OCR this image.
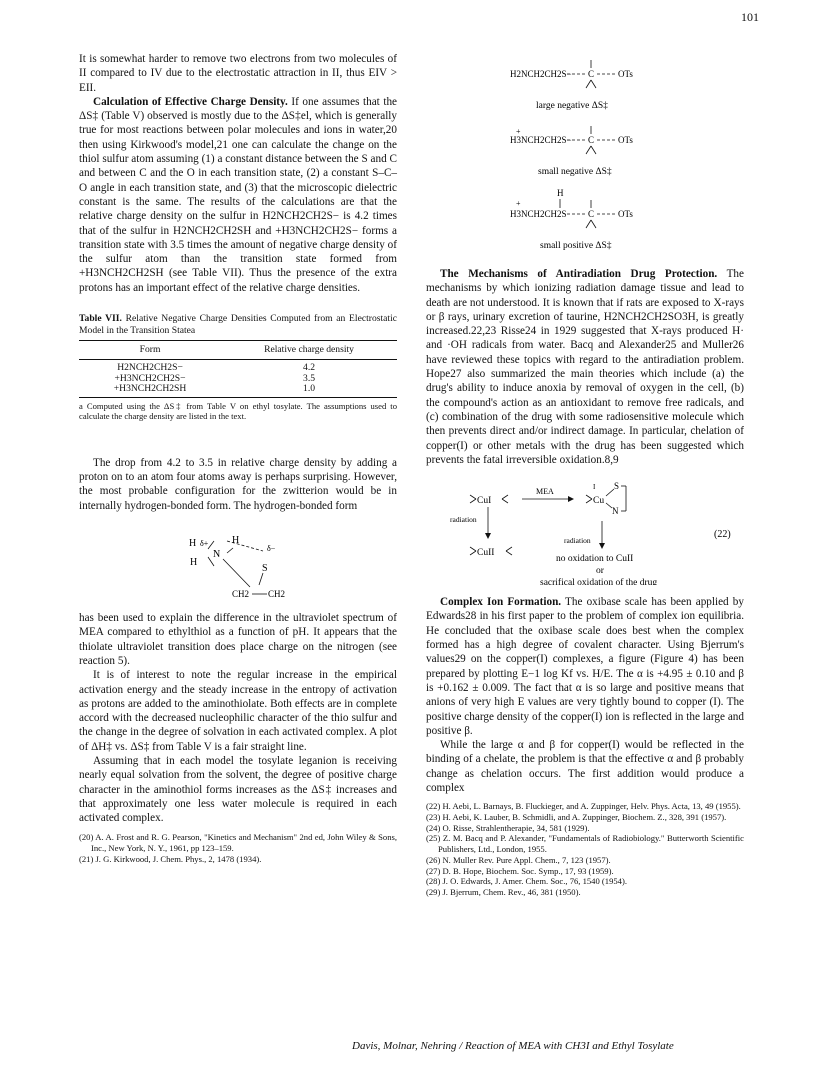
101

It is somewhat harder to remove two electrons from two molecules of II compared to IV due to the electrostatic attraction in II, thus EIV > EII.

Calculation of Effective Charge Density. If one assumes that the ΔS‡ (Table V) observed is mostly due to the ΔS‡el, which is generally true for most reactions between polar molecules and ions in water,20 then using Kirkwood's model,21 one can calculate the change on the thiol sulfur atom assuming (1) a constant distance between the S and C and between C and the O in each transition state, (2) a constant S–C–O angle in each transition state, and (3) that the microscopic dielectric constant is the same. The results of the calculations are that the relative charge density on the sulfur in H2NCH2CH2S− is 4.2 times that of the sulfur in H2NCH2CH2SH and +H3NCH2CH2S− forms a transition state with 3.5 times the amount of negative charge density of the sulfur atom than the transition state formed from +H3NCH2CH2SH (see Table VII). Thus the presence of the extra protons has an important effect of the relative charge densities.

Table VII. Relative Negative Charge Densities Computed from an Electrostatic Model in the Transition Statea
Form	Relative charge density
H2NCH2CH2S−	4.2
+H3NCH2CH2S−	3.5
+H3NCH2CH2SH	1.0

a Computed using the ΔS‡ from Table V on ethyl tosylate. The assumptions used to calculate the charge density are listed in the text.

The drop from 4.2 to 3.5 in relative charge density by adding a proton on to an atom four atoms away is perhaps surprising. However, the most probable configuration for the zwitterion would be in internally hydrogen-bonded form. The hydrogen-bonded form

H δ+ H
N
H
δ−
S
CH2 CH2

has been used to explain the difference in the ultraviolet spectrum of MEA compared to ethylthiol as a function of pH. It appears that the thiolate ultraviolet transition does place charge on the nitrogen (see reaction 5).

It is of interest to note the regular increase in the empirical activation energy and the steady increase in the entropy of activation as protons are added to the aminothiolate. Both effects are in complete accord with the decreased nucleophilic character of the thio sulfur and the change in the degree of solvation in each activated complex. A plot of ΔH‡ vs. ΔS‡ from Table V is a fair straight line.

Assuming that in each model the tosylate leganion is receiving nearly equal solvation from the solvent, the degree of positive charge character in the aminothiol forms increases as the ΔS‡ increases and that approximately one less water molecule is required in each activated complex.

(20) A. A. Frost and R. G. Pearson, "Kinetics and Mechanism" 2nd ed, John Wiley & Sons, Inc., New York, N. Y., 1961, pp 123–159.
(21) J. G. Kirkwood, J. Chem. Phys., 2, 1478 (1934).
H2NCH2CH2S− C	OTs
large negative ΔS‡
+
H3NCH2CH2S− C	OTs
small negative ΔS‡
H
+
H3NCH2CH2S C	OTs
small positive ΔS‡

The Mechanisms of Antiradiation Drug Protection. The mechanisms by which ionizing radiation damage tissue and lead to death are not understood. It is known that if rats are exposed to X-rays or β rays, urinary excretion of taurine, H2NCH2CH2SO3H, is greatly increased.22,23 Risse24 in 1929 suggested that X-rays produced H· and ·OH radicals from water. Bacq and Alexander25 and Muller26 have reviewed these topics with regard to the antiradiation problem. Hope27 also summarized the main theories which include (a) the drug's ability to induce anoxia by removal of oxygen in the cell, (b) the compound's action as an antioxidant to remove free radicals, and (c) combination of the drug with some radiosensitive molecule which then prevents direct and/or indirect damage. In particular, chelation of copper(I) or other metals with the drug has been suggested which prevents the fatal irreversible oxidation.8,9

CuI
MEA	I
Cu
S
N
radiation
radiation
CuII
no oxidation to CuII
or
sacrifical oxidation of the drug
(22)

Complex Ion Formation. The oxibase scale has been applied by Edwards28 in his first paper to the problem of complex ion equilibria. He concluded that the oxibase scale does best when the complex formed has a high degree of covalent character. Using Bjerrum's values29 on the copper(I) complexes, a figure (Figure 4) has been prepared by plotting E−1 log Kf vs. H/E. The α is +4.95 ± 0.10 and β is +0.162 ± 0.009. The fact that α is so large and positive means that anions of very high E values are very tightly bound to copper (I). The positive charge density of the copper(I) ion is reflected in the large and positive β.

While the large α and β for copper(I) would be reflected in the binding of a chelate, the problem is that the effective α and β probably change as chelation occurs. The first addition would produce a complex

(22) H. Aebi, L. Barnays, B. Fluckieger, and A. Zuppinger, Helv. Phys. Acta, 13, 49 (1955).
(23) H. Aebi, K. Lauber, B. Schmidli, and A. Zuppinger, Biochem. Z., 328, 391 (1957).
(24) O. Risse, Strahlentherapie, 34, 581 (1929).
(25) Z. M. Bacq and P. Alexander, "Fundamentals of Radiobiology." Butterworth Scientific Publishers, Ltd., London, 1955.
(26) N. Muller Rev. Pure Appl. Chem., 7, 123 (1957).
(27) D. B. Hope, Biochem. Soc. Symp., 17, 93 (1959).
(28) J. O. Edwards, J. Amer. Chem. Soc., 76, 1540 (1954).
(29) J. Bjerrum, Chem. Rev., 46, 381 (1950).
Davis, Molnar, Nehring / Reaction of MEA with CH3I and Ethyl Tosylate
